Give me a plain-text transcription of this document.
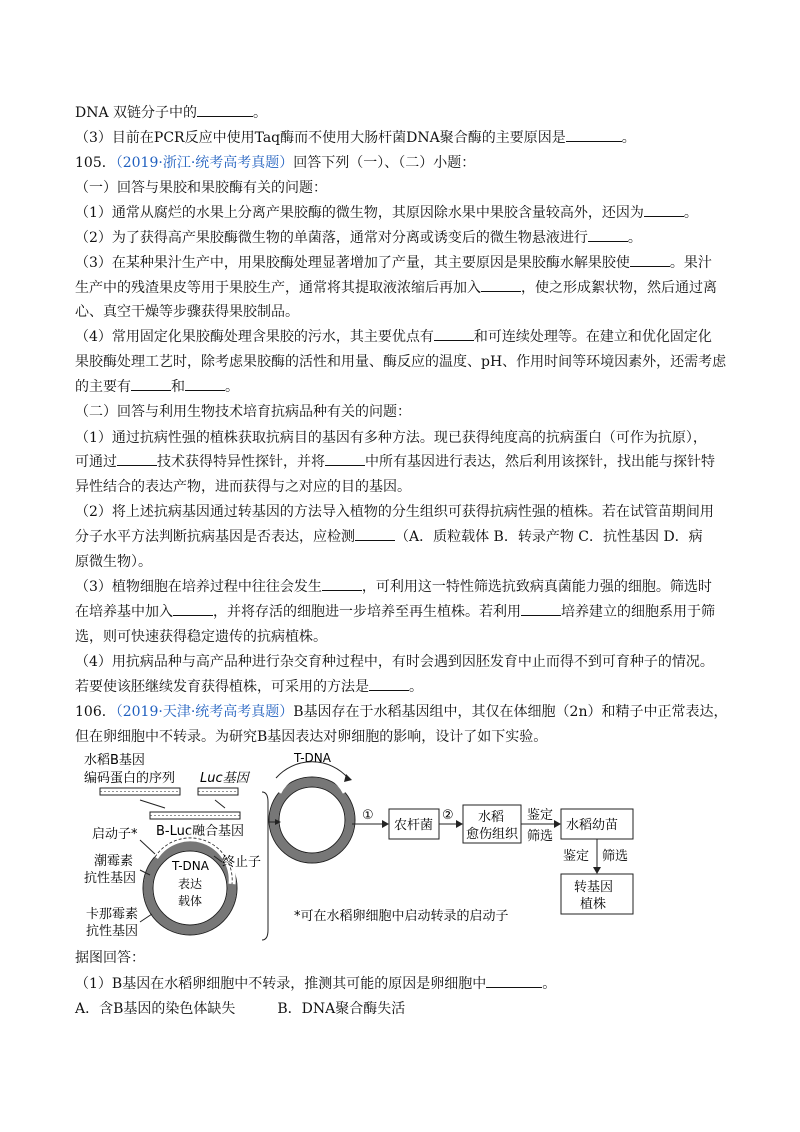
DNA 双链分子中的	。
（3）目前在PCR反应中使用Taq酶而不使用大肠杆菌DNA聚合酶的主要原因是	。
105．（2019·浙江·统考高考真题）回答下列（一）、（二）小题：
（一）回答与果胶和果胶酶有关的问题：
（1）通常从腐烂的水果上分离产果胶酶的微生物，其原因除水果中果胶含量较高外，还因为	。
（2）为了获得高产果胶酶微生物的单菌落，通常对分离或诱变后的微生物悬液进行	。
（3）在某种果汁生产中，用果胶酶处理显著增加了产量，其主要原因是果胶酶水解果胶使	。果汁
生产中的残渣果皮等用于果胶生产，通常将其提取液浓缩后再加入	，使之形成絮状物，然后通过离
心、真空干燥等步骤获得果胶制品。
（4）常用固定化果胶酶处理含果胶的污水，其主要优点有	和可连续处理等。在建立和优化固定化
果胶酶处理工艺时，除考虑果胶酶的活性和用量、酶反应的温度、pH、作用时间等环境因素外，还需考虑
的主要有	和	。
（二）回答与利用生物技术培育抗病品种有关的问题：
（1）通过抗病性强的植株获取抗病目的基因有多种方法。现已获得纯度高的抗病蛋白（可作为抗原），
可通过	技术获得特异性探针，并将	中所有基因进行表达，然后利用该探针，找出能与探针特
异性结合的表达产物，进而获得与之对应的目的基因。
（2）将上述抗病基因通过转基因的方法导入植物的分生组织可获得抗病性强的植株。若在试管苗期间用
分子水平方法判断抗病基因是否表达，应检测	（A．质粒载体 B．转录产物 C．抗性基因 D．病
原微生物）。
（3）植物细胞在培养过程中往往会发生	，可利用这一特性筛选抗致病真菌能力强的细胞。筛选时
在培养基中加入	，并将存活的细胞进一步培养至再生植株。若利用	培养建立的细胞系用于筛
选，则可快速获得稳定遗传的抗病植株。
（4）用抗病品种与高产品种进行杂交育种过程中，有时会遇到因胚发育中止而得不到可育种子的情况。
若要使该胚继续发育获得植株，可采用的方法是	。
106．（2019·天津·统考高考真题）B基因存在于水稻基因组中，其仅在体细胞（2n）和精子中正常表达，
但在卵细胞中不转录。为研究B基因表达对卵细胞的影响，设计了如下实验。
据图回答：
（1）B基因在水稻卵细胞中不转录，推测其可能的原因是卵细胞中	。
A．含B基因的染色体缺失　　　B．DNA聚合酶失活
水稻B基因
编码蛋白的序列 Luc基因
B-Luc融合基因
T-DNA
表达
载体
启动子*
潮霉素
抗性基因
卡那霉素
抗性基因
终止子
T-DNA
①
农杆菌
② 水稻
愈伤组织
鉴定
筛选
水稻幼苗
鉴定 筛选
转基因
植株
*可在水稻卵细胞中启动转录的启动子
